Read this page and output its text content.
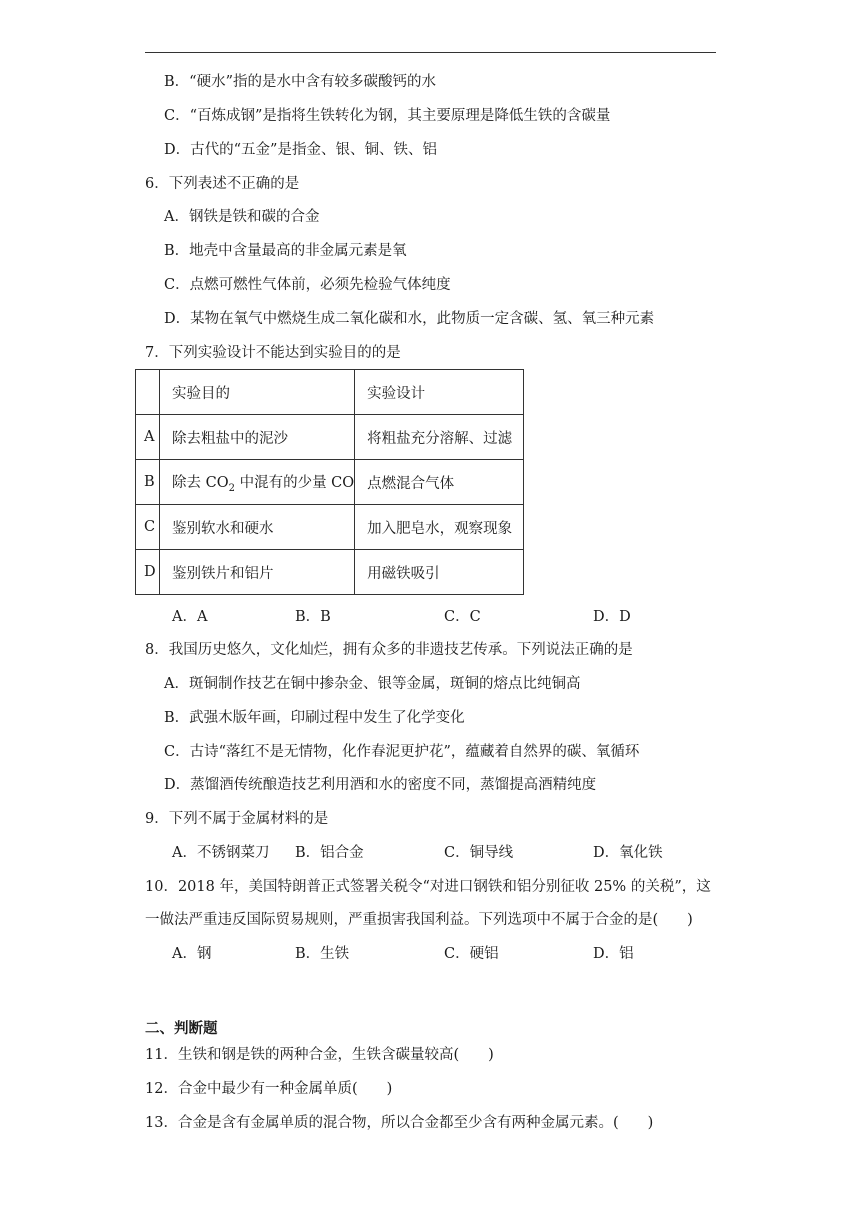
B．“硬水”指的是水中含有较多碳酸钙的水
C．“百炼成钢”是指将生铁转化为钢，其主要原理是降低生铁的含碳量
D．古代的“五金”是指金、银、铜、铁、铝
6．下列表述不正确的是
A．钢铁是铁和碳的合金
B．地壳中含量最高的非金属元素是氧
C．点燃可燃性气体前，必须先检验气体纯度
D．某物在氧气中燃烧生成二氧化碳和水，此物质一定含碳、氢、氧三种元素
7．下列实验设计不能达到实验目的的是
	实验目的	实验设计
A	除去粗盐中的泥沙	将粗盐充分溶解、过滤
B	除去 $CO_2$ 中混有的少量 CO	点燃混合气体
C	鉴别软水和硬水	加入肥皂水，观察现象
D	鉴别铁片和铝片	用磁铁吸引
A．A	B．B	C．C	D．D
8．我国历史悠久，文化灿烂，拥有众多的非遗技艺传承。下列说法正确的是
A．斑铜制作技艺在铜中掺杂金、银等金属，斑铜的熔点比纯铜高
B．武强木版年画，印刷过程中发生了化学变化
C．古诗“落红不是无情物，化作春泥更护花”，蕴藏着自然界的碳、氧循环
D．蒸馏酒传统酿造技艺利用酒和水的密度不同，蒸馏提高酒精纯度
9．下列不属于金属材料的是
A．不锈钢菜刀 B．铝合金	C．铜导线	D．氧化铁
10．2018 年，美国特朗普正式签署关税令“对进口钢铁和铝分别征收 25% 的关税”，这
一做法严重违反国际贸易规则，严重损害我国利益。下列选项中不属于合金的是(　　)
A．钢	B．生铁	C．硬铝	D．铝
二、判断题
11．生铁和钢是铁的两种合金，生铁含碳量较高(　　)
12．合金中最少有一种金属单质(　　)
13．合金是含有金属单质的混合物，所以合金都至少含有两种金属元素。(　　)
